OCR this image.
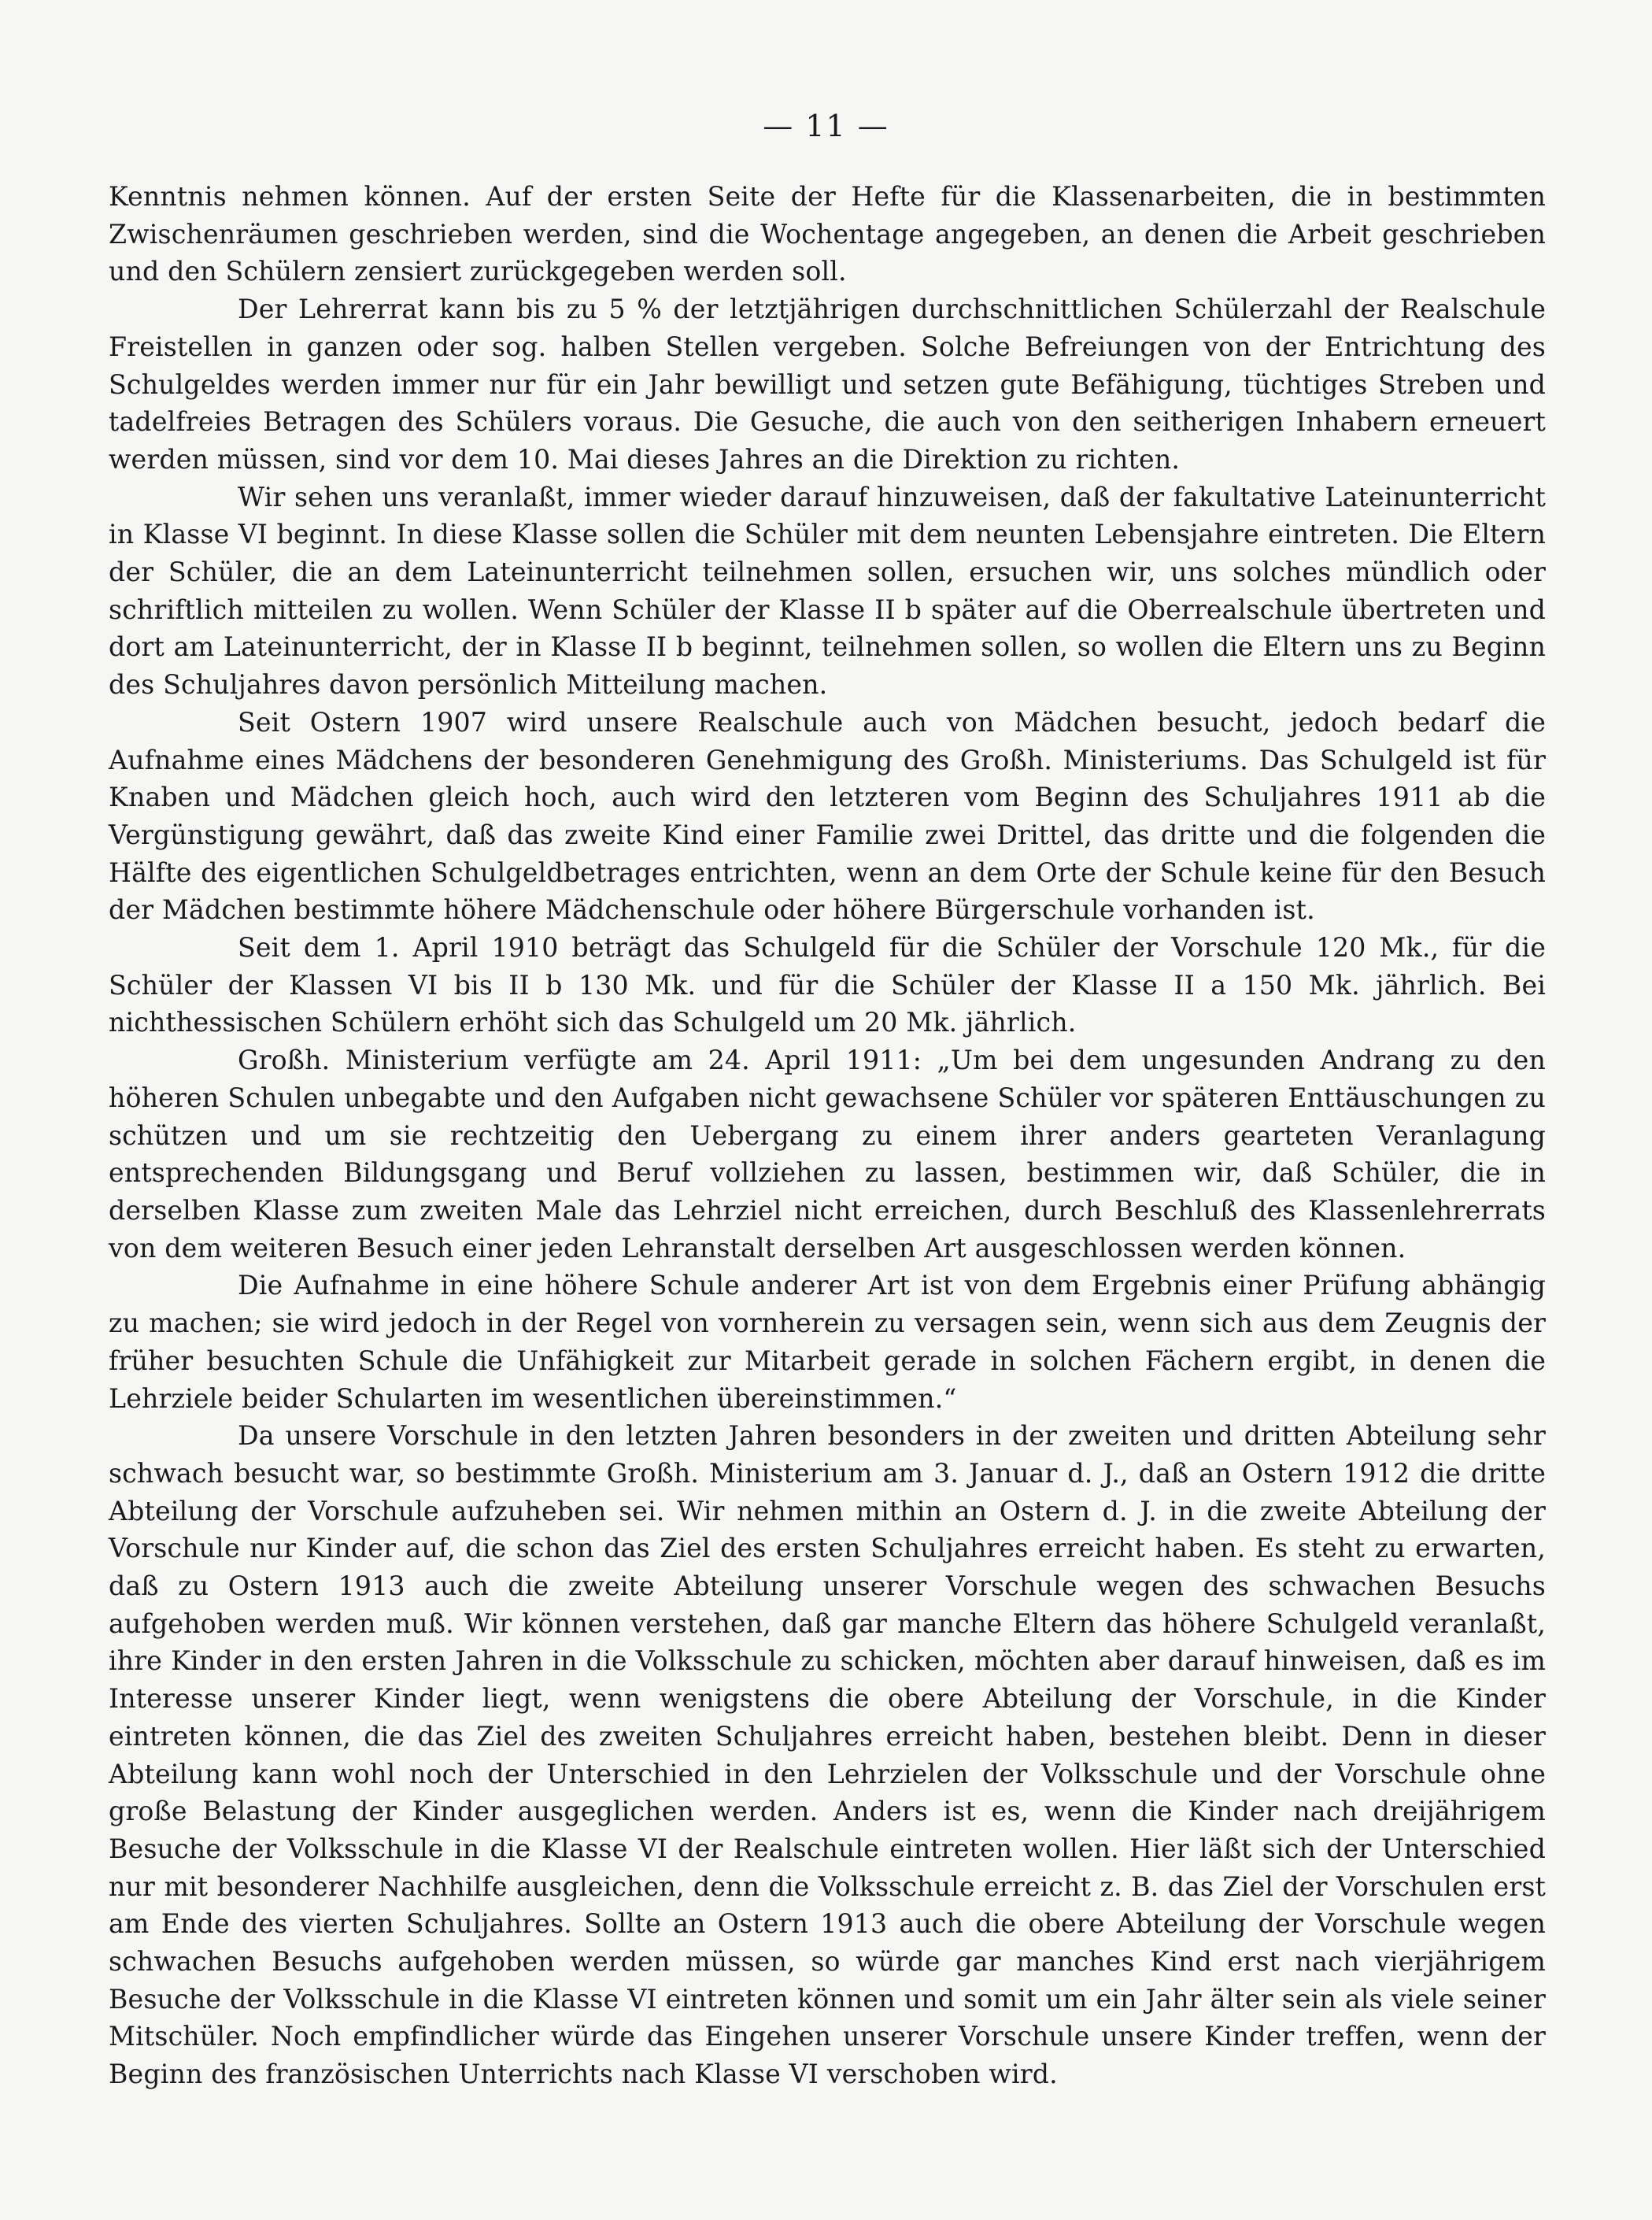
— 11 —

Kenntnis nehmen können. Auf der ersten Seite der Hefte für die Klassenarbeiten, die in bestimmten Zwischenräumen geschrieben werden, sind die Wochentage angegeben, an denen die Arbeit geschrieben und den Schülern zensiert zurückgegeben werden soll.

Der Lehrerrat kann bis zu 5 % der letztjährigen durchschnittlichen Schülerzahl der Realschule Freistellen in ganzen oder sog. halben Stellen vergeben. Solche Befreiungen von der Entrichtung des Schulgeldes werden immer nur für ein Jahr bewilligt und setzen gute Befähigung, tüchtiges Streben und tadelfreies Betragen des Schülers voraus. Die Gesuche, die auch von den seitherigen Inhabern erneuert werden müssen, sind vor dem 10. Mai dieses Jahres an die Direktion zu richten.

Wir sehen uns veranlaßt, immer wieder darauf hinzuweisen, daß der fakultative Lateinunterricht in Klasse VI beginnt. In diese Klasse sollen die Schüler mit dem neunten Lebensjahre eintreten. Die Eltern der Schüler, die an dem Lateinunterricht teilnehmen sollen, ersuchen wir, uns solches mündlich oder schriftlich mitteilen zu wollen. Wenn Schüler der Klasse II b später auf die Oberrealschule übertreten und dort am Lateinunterricht, der in Klasse II b beginnt, teilnehmen sollen, so wollen die Eltern uns zu Beginn des Schuljahres davon persönlich Mitteilung machen.

Seit Ostern 1907 wird unsere Realschule auch von Mädchen besucht, jedoch bedarf die Aufnahme eines Mädchens der besonderen Genehmigung des Großh. Ministeriums. Das Schulgeld ist für Knaben und Mädchen gleich hoch, auch wird den letzteren vom Beginn des Schuljahres 1911 ab die Vergünstigung gewährt, daß das zweite Kind einer Familie zwei Drittel, das dritte und die folgenden die Hälfte des eigentlichen Schulgeldbetrages entrichten, wenn an dem Orte der Schule keine für den Besuch der Mädchen bestimmte höhere Mädchenschule oder höhere Bürgerschule vorhanden ist.

Seit dem 1. April 1910 beträgt das Schulgeld für die Schüler der Vorschule 120 Mk., für die Schüler der Klassen VI bis II b 130 Mk. und für die Schüler der Klasse II a 150 Mk. jährlich. Bei nichthessischen Schülern erhöht sich das Schulgeld um 20 Mk. jährlich.

Großh. Ministerium verfügte am 24. April 1911: „Um bei dem ungesunden Andrang zu den höheren Schulen unbegabte und den Aufgaben nicht gewachsene Schüler vor späteren Enttäuschungen zu schützen und um sie rechtzeitig den Uebergang zu einem ihrer anders gearteten Veranlagung entsprechenden Bildungsgang und Beruf vollziehen zu lassen, bestimmen wir, daß Schüler, die in derselben Klasse zum zweiten Male das Lehrziel nicht erreichen, durch Beschluß des Klassenlehrerrats von dem weiteren Besuch einer jeden Lehranstalt derselben Art ausgeschlossen werden können.

Die Aufnahme in eine höhere Schule anderer Art ist von dem Ergebnis einer Prüfung abhängig zu machen; sie wird jedoch in der Regel von vornherein zu versagen sein, wenn sich aus dem Zeugnis der früher besuchten Schule die Unfähigkeit zur Mitarbeit gerade in solchen Fächern ergibt, in denen die Lehrziele beider Schularten im wesentlichen übereinstimmen.“

Da unsere Vorschule in den letzten Jahren besonders in der zweiten und dritten Abteilung sehr schwach besucht war, so bestimmte Großh. Ministerium am 3. Januar d. J., daß an Ostern 1912 die dritte Abteilung der Vorschule aufzuheben sei. Wir nehmen mithin an Ostern d. J. in die zweite Abteilung der Vorschule nur Kinder auf, die schon das Ziel des ersten Schuljahres erreicht haben. Es steht zu erwarten, daß zu Ostern 1913 auch die zweite Abteilung unserer Vorschule wegen des schwachen Besuchs aufgehoben werden muß. Wir können verstehen, daß gar manche Eltern das höhere Schulgeld veranlaßt, ihre Kinder in den ersten Jahren in die Volksschule zu schicken, möchten aber darauf hinweisen, daß es im Interesse unserer Kinder liegt, wenn wenigstens die obere Abteilung der Vorschule, in die Kinder eintreten können, die das Ziel des zweiten Schuljahres erreicht haben, bestehen bleibt. Denn in dieser Abteilung kann wohl noch der Unterschied in den Lehrzielen der Volksschule und der Vorschule ohne große Belastung der Kinder ausgeglichen werden. Anders ist es, wenn die Kinder nach dreijährigem Besuche der Volksschule in die Klasse VI der Realschule eintreten wollen. Hier läßt sich der Unterschied nur mit besonderer Nachhilfe ausgleichen, denn die Volksschule erreicht z. B. das Ziel der Vorschulen erst am Ende des vierten Schuljahres. Sollte an Ostern 1913 auch die obere Abteilung der Vorschule wegen schwachen Besuchs aufgehoben werden müssen, so würde gar manches Kind erst nach vierjährigem Besuche der Volksschule in die Klasse VI eintreten können und somit um ein Jahr älter sein als viele seiner Mitschüler. Noch empfindlicher würde das Eingehen unserer Vorschule unsere Kinder treffen, wenn der Beginn des französischen Unterrichts nach Klasse VI verschoben wird.
